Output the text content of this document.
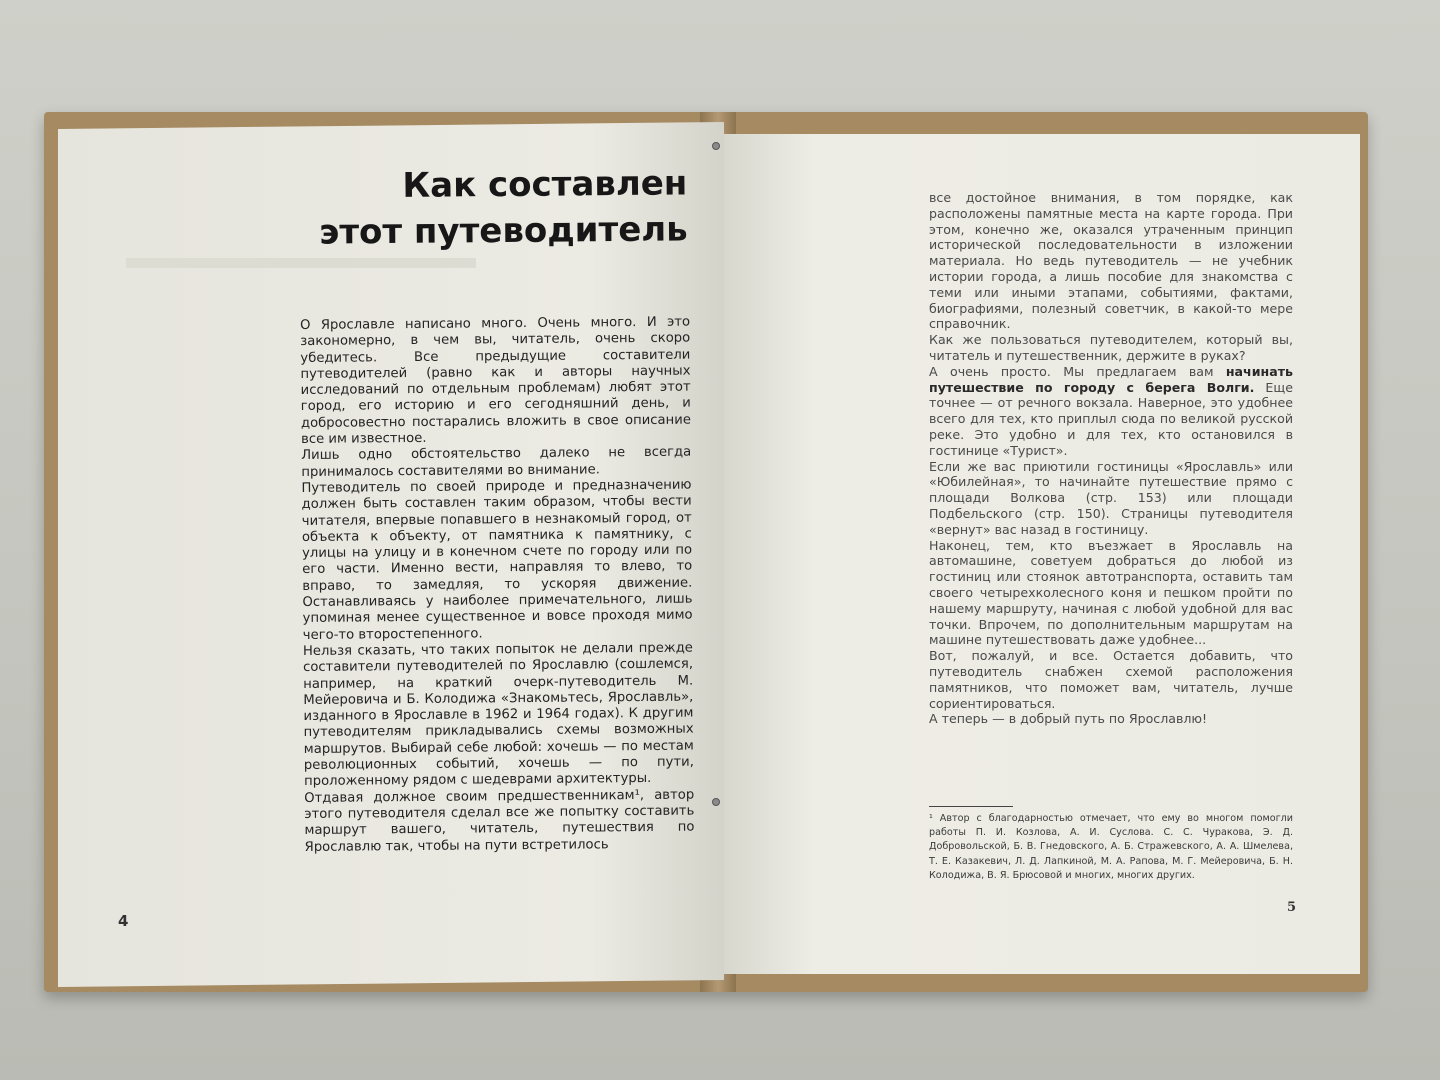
Как составлен
этот путеводитель

О Ярославле написано много. Очень много. И это закономерно, в чем вы, читатель, очень скоро убедитесь. Все предыдущие составители путеводителей (равно как и авторы научных исследований по отдельным проблемам) любят этот город, его историю и его сегодняшний день, и добросовестно постарались вложить в свое описание все им известное.

Лишь одно обстоятельство далеко не всегда принималось составителями во внимание.

Путеводитель по своей природе и предназначению должен быть составлен таким образом, чтобы вести читателя, впервые попавшего в незнакомый город, от объекта к объекту, от памятника к памятнику, с улицы на улицу и в конечном счете по городу или по его части. Именно вести, направляя то влево, то вправо, то замедляя, то ускоряя движение. Останавливаясь у наиболее примечательного, лишь упоминая менее существенное и вовсе проходя мимо чего-то второстепенного.

Нельзя сказать, что таких попыток не делали прежде составители путеводителей по Ярославлю (сошлемся, например, на краткий очерк-путеводитель М. Мейеровича и Б. Колодижа «Знакомьтесь, Ярославль», изданного в Ярославле в 1962 и 1964 годах). К другим путеводителям прикладывались схемы возможных маршрутов. Выбирай себе любой: хочешь — по местам революционных событий, хочешь — по пути, проложенному рядом с шедеврами архитектуры.

Отдавая должное своим предшественникам¹, автор этого путеводителя сделал все же попытку составить маршрут вашего, читатель, путешествия по Ярославлю так, чтобы на пути встретилось

4

все достойное внимания, в том порядке, как расположены памятные места на карте города. При этом, конечно же, оказался утраченным принцип исторической последовательности в изложении материала. Но ведь путеводитель — не учебник истории города, а лишь пособие для знакомства с теми или иными этапами, событиями, фактами, биографиями, полезный советчик, в какой-то мере справочник.

Как же пользоваться путеводителем, который вы, читатель и путешественник, держите в руках?

А очень просто. Мы предлагаем вам начинать путешествие по городу с берега Волги. Еще точнее — от речного вокзала. Наверное, это удобнее всего для тех, кто приплыл сюда по великой русской реке. Это удобно и для тех, кто остановился в гостинице «Турист».

Если же вас приютили гостиницы «Ярославль» или «Юбилейная», то начинайте путешествие прямо с площади Волкова (стр. 153) или площади Подбельского (стр. 150). Страницы путеводителя «вернут» вас назад в гостиницу.

Наконец, тем, кто въезжает в Ярославль на автомашине, советуем добраться до любой из гостиниц или стоянок автотранспорта, оставить там своего четырехколесного коня и пешком пройти по нашему маршруту, начиная с любой удобной для вас точки. Впрочем, по дополнительным маршрутам на машине путешествовать даже удобнее...

Вот, пожалуй, и все. Остается добавить, что путеводитель снабжен схемой расположения памятников, что поможет вам, читатель, лучше сориентироваться.

А теперь — в добрый путь по Ярославлю!

¹ Автор с благодарностью отмечает, что ему во многом помогли работы П. И. Козлова, А. И. Суслова. С. С. Чуракова, Э. Д. Добровольской, Б. В. Гнедовского, А. Б. Стражевского, А. А. Шмелева, Т. Е. Казакевич, Л. Д. Лапкиной, М. А. Рапова, М. Г. Мейеровича, Б. Н. Колодижа, В. Я. Брюсовой и многих, многих других.
5
